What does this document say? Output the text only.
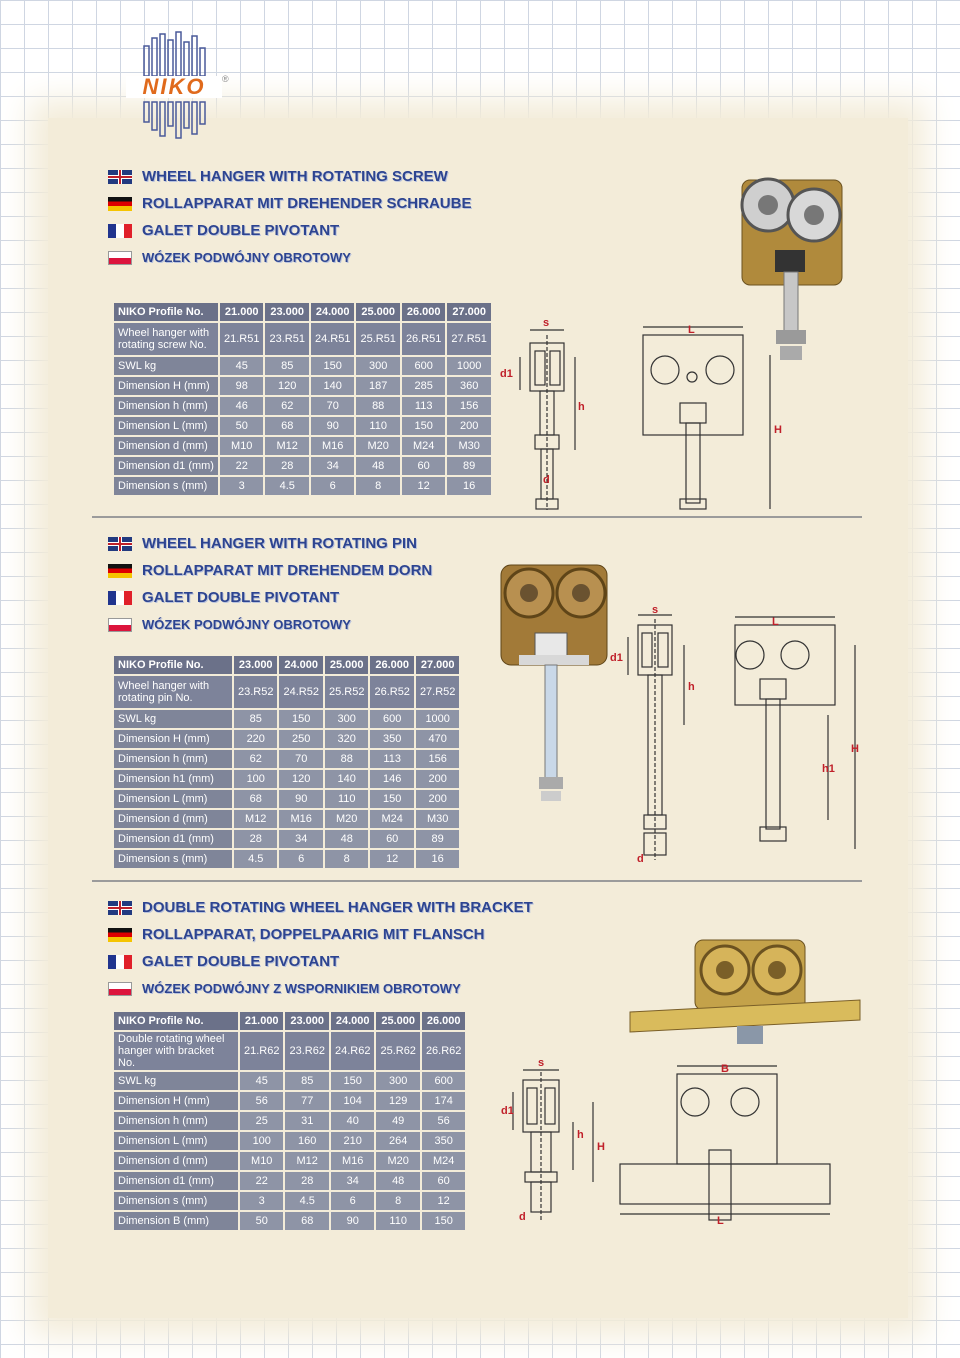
NIKO	®
WHEEL HANGER WITH ROTATING SCREW
ROLLAPPARAT MIT DREHENDER SCHRAUBE
GALET DOUBLE PIVOTANT
WÓZEK PODWÓJNY OBROTOWY
NIKO Profile No.	21.000	23.000	24.000	25.000	26.000	27.000
Wheel hanger with rotating screw No.	21.R51	23.R51	24.R51	25.R51	26.R51	27.R51
SWL kg	45	85	150	300	600	1000
Dimension H (mm)	98	120	140	187	285	360
Dimension h (mm)	46	62	70	88	113	156
Dimension L (mm)	50	68	90	110	150	200
Dimension d (mm)	M10	M12	M16	M20	M24	M30
Dimension d1 (mm)	22	28	34	48	60	89
Dimension s (mm)	3	4.5	6	8	12	16
s
d1
h
d
L
H
WHEEL HANGER WITH ROTATING PIN
ROLLAPPARAT MIT DREHENDEM DORN
GALET DOUBLE PIVOTANT
WÓZEK PODWÓJNY OBROTOWY
NIKO Profile No.	23.000	24.000	25.000	26.000	27.000
Wheel hanger with rotating pin No.	23.R52	24.R52	25.R52	26.R52	27.R52
SWL kg	85	150	300	600	1000
Dimension H (mm)	220	250	320	350	470
Dimension h (mm)	62	70	88	113	156
Dimension h1 (mm)	100	120	140	146	200
Dimension L (mm)	68	90	110	150	200
Dimension d (mm)	M12	M16	M20	M24	M30
Dimension d1 (mm)	28	34	48	60	89
Dimension s (mm)	4.5	6	8	12	16
s
d1
h
d
L
H
h1
DOUBLE ROTATING WHEEL HANGER WITH BRACKET
ROLLAPPARAT, DOPPELPAARIG MIT FLANSCH
GALET DOUBLE PIVOTANT
WÓZEK PODWÓJNY Z WSPORNIKIEM OBROTOWY
NIKO Profile No.	21.000	23.000	24.000	25.000	26.000
Double rotating wheel hanger with bracket No.	21.R62	23.R62	24.R62	25.R62	26.R62
SWL kg	45	85	150	300	600
Dimension H (mm)	56	77	104	129	174
Dimension h (mm)	25	31	40	49	56
Dimension L (mm)	100	160	210	264	350
Dimension d (mm)	M10	M12	M16	M20	M24
Dimension d1 (mm)	22	28	34	48	60
Dimension s (mm)	3	4.5	6	8	12
Dimension B (mm)	50	68	90	110	150
s
d1
h
H
d
B
L
